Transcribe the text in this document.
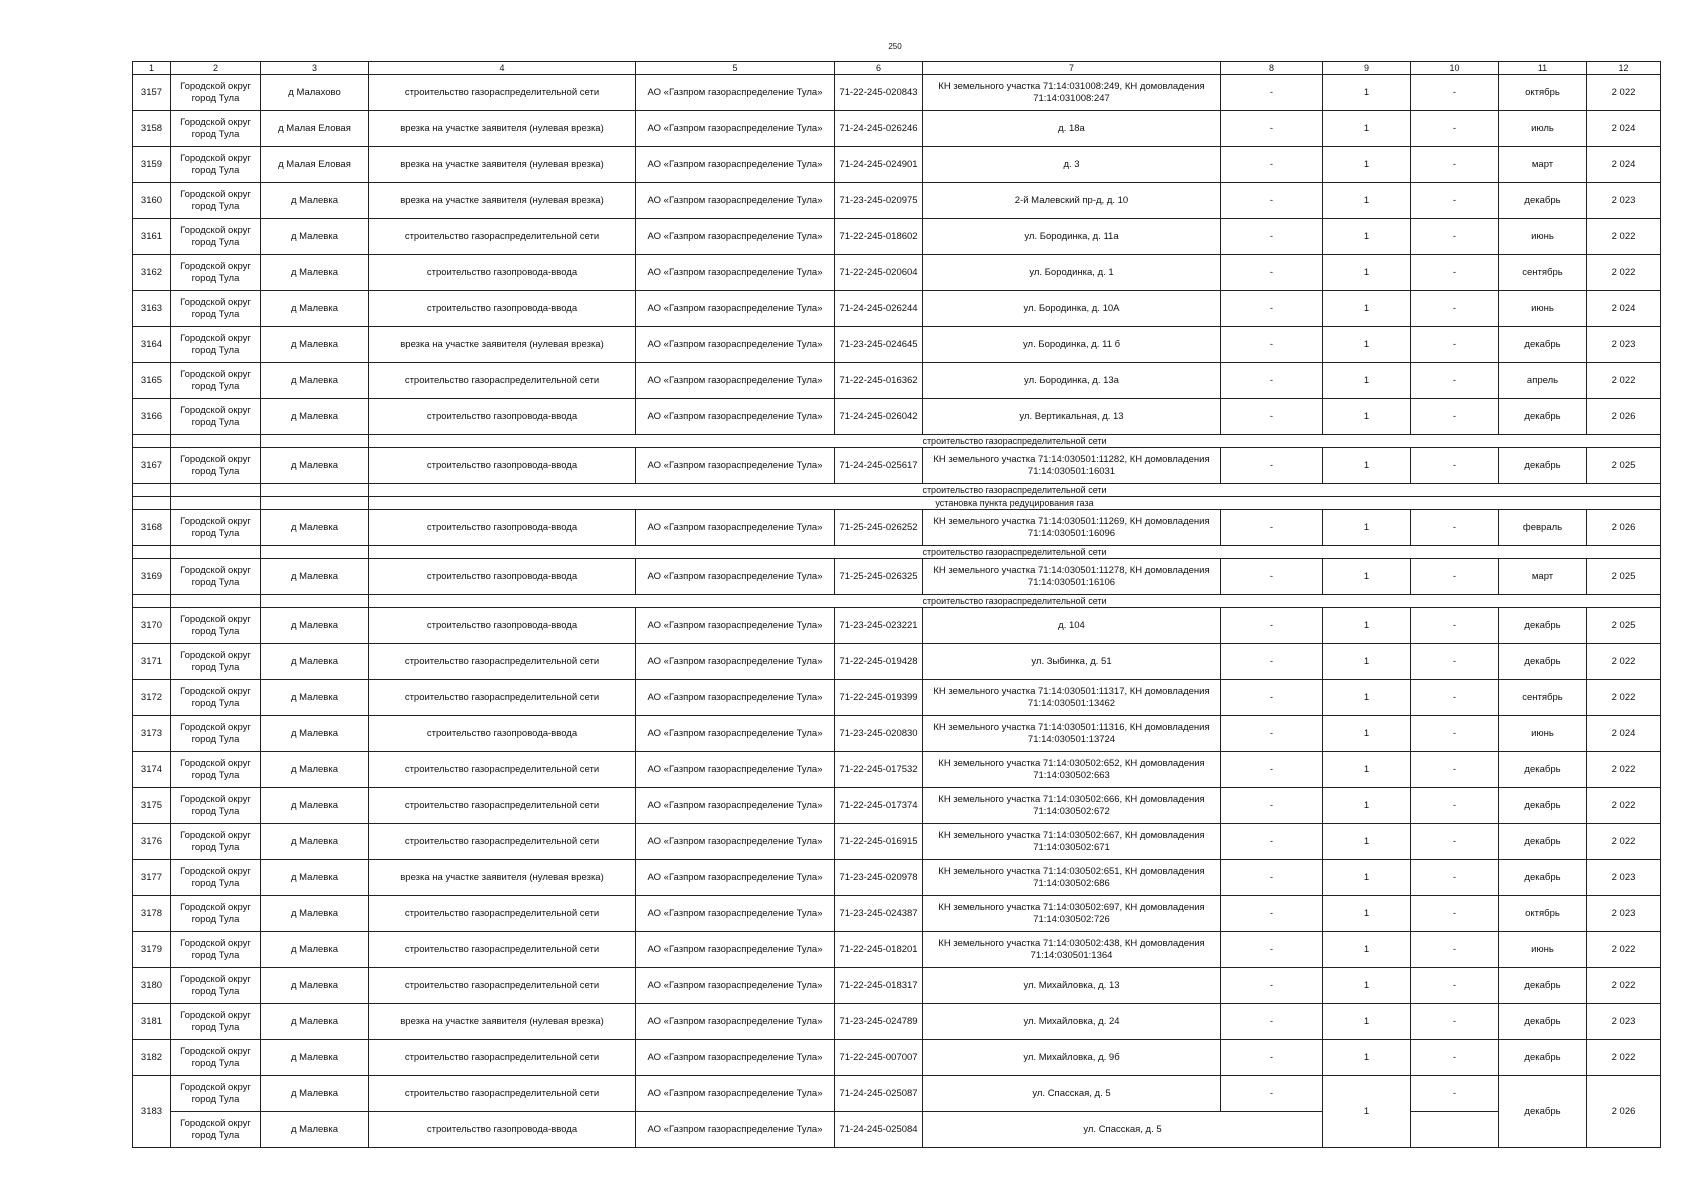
250
1	2	3	4	5	6	7	8	9	10	11	12
3157	Городской округ город Тула	д Малахово	строительство газораспределительной сети	АО «Газпром газораспределение Тула»	71-22-245-020843	КН земельного участка 71:14:031008:249, КН домовладения 71:14:031008:247	-	1	-	октябрь	2 022
3158	Городской округ город Тула	д Малая Еловая	врезка на участке заявителя (нулевая врезка)	АО «Газпром газораспределение Тула»	71-24-245-026246	д. 18а	-	1	-	июль	2 024
3159	Городской округ город Тула	д Малая Еловая	врезка на участке заявителя (нулевая врезка)	АО «Газпром газораспределение Тула»	71-24-245-024901	д. 3	-	1	-	март	2 024
3160	Городской округ город Тула	д Малевка	врезка на участке заявителя (нулевая врезка)	АО «Газпром газораспределение Тула»	71-23-245-020975	2-й Малевский пр-д, д. 10	-	1	-	декабрь	2 023
3161	Городской округ город Тула	д Малевка	строительство газораспределительной сети	АО «Газпром газораспределение Тула»	71-22-245-018602	ул. Бородинка, д. 11а	-	1	-	июнь	2 022
3162	Городской округ город Тула	д Малевка	строительство газопровода-ввода	АО «Газпром газораспределение Тула»	71-22-245-020604	ул. Бородинка, д. 1	-	1	-	сентябрь	2 022
3163	Городской округ город Тула	д Малевка	строительство газопровода-ввода	АО «Газпром газораспределение Тула»	71-24-245-026244	ул. Бородинка, д. 10А	-	1	-	июнь	2 024
3164	Городской округ город Тула	д Малевка	врезка на участке заявителя (нулевая врезка)	АО «Газпром газораспределение Тула»	71-23-245-024645	ул. Бородинка, д. 11 б	-	1	-	декабрь	2 023
3165	Городской округ город Тула	д Малевка	строительство газораспределительной сети	АО «Газпром газораспределение Тула»	71-22-245-016362	ул. Бородинка, д. 13а	-	1	-	апрель	2 022
3166	Городской округ город Тула	д Малевка	строительство газопровода-ввода	АО «Газпром газораспределение Тула»	71-24-245-026042	ул. Вертикальная, д. 13	-	1	-	декабрь	2 026
			строительство газораспределительной сети								
3167	Городской округ город Тула	д Малевка	строительство газопровода-ввода	АО «Газпром газораспределение Тула»	71-24-245-025617	КН земельного участка 71:14:030501:11282, КН домовладения 71:14:030501:16031	-	1	-	декабрь	2 025
			строительство газораспределительной сети								
			установка пункта редуцирования газа								
3168	Городской округ город Тула	д Малевка	строительство газопровода-ввода	АО «Газпром газораспределение Тула»	71-25-245-026252	КН земельного участка 71:14:030501:11269, КН домовладения 71:14:030501:16096	-	1	-	февраль	2 026
			строительство газораспределительной сети								
3169	Городской округ город Тула	д Малевка	строительство газопровода-ввода	АО «Газпром газораспределение Тула»	71-25-245-026325	КН земельного участка 71:14:030501:11278, КН домовладения 71:14:030501:16106	-	1	-	март	2 025
			строительство газораспределительной сети								
3170	Городской округ город Тула	д Малевка	строительство газопровода-ввода	АО «Газпром газораспределение Тула»	71-23-245-023221	д. 104	-	1	-	декабрь	2 025
3171	Городской округ город Тула	д Малевка	строительство газораспределительной сети	АО «Газпром газораспределение Тула»	71-22-245-019428	ул. Зыбинка, д. 51	-	1	-	декабрь	2 022
3172	Городской округ город Тула	д Малевка	строительство газораспределительной сети	АО «Газпром газораспределение Тула»	71-22-245-019399	КН земельного участка 71:14:030501:11317, КН домовладения 71:14:030501:13462	-	1	-	сентябрь	2 022
3173	Городской округ город Тула	д Малевка	строительство газопровода-ввода	АО «Газпром газораспределение Тула»	71-23-245-020830	КН земельного участка 71:14:030501:11316, КН домовладения 71:14:030501:13724	-	1	-	июнь	2 024
3174	Городской округ город Тула	д Малевка	строительство газораспределительной сети	АО «Газпром газораспределение Тула»	71-22-245-017532	КН земельного участка 71:14:030502:652, КН домовладения 71:14:030502:663	-	1	-	декабрь	2 022
3175	Городской округ город Тула	д Малевка	строительство газораспределительной сети	АО «Газпром газораспределение Тула»	71-22-245-017374	КН земельного участка 71:14:030502:666, КН домовладения 71:14:030502:672	-	1	-	декабрь	2 022
3176	Городской округ город Тула	д Малевка	строительство газораспределительной сети	АО «Газпром газораспределение Тула»	71-22-245-016915	КН земельного участка 71:14:030502:667, КН домовладения 71:14:030502:671	-	1	-	декабрь	2 022
3177	Городской округ город Тула	д Малевка	врезка на участке заявителя (нулевая врезка)	АО «Газпром газораспределение Тула»	71-23-245-020978	КН земельного участка 71:14:030502:651, КН домовладения 71:14:030502:686	-	1	-	декабрь	2 023
3178	Городской округ город Тула	д Малевка	строительство газораспределительной сети	АО «Газпром газораспределение Тула»	71-23-245-024387	КН земельного участка 71:14:030502:697, КН домовладения 71:14:030502:726	-	1	-	октябрь	2 023
3179	Городской округ город Тула	д Малевка	строительство газораспределительной сети	АО «Газпром газораспределение Тула»	71-22-245-018201	КН земельного участка 71:14:030502:438, КН домовладения 71:14:030501:1364	-	1	-	июнь	2 022
3180	Городской округ город Тула	д Малевка	строительство газораспределительной сети	АО «Газпром газораспределение Тула»	71-22-245-018317	ул. Михайловка, д. 13	-	1	-	декабрь	2 022
3181	Городской округ город Тула	д Малевка	врезка на участке заявителя (нулевая врезка)	АО «Газпром газораспределение Тула»	71-23-245-024789	ул. Михайловка, д. 24	-	1	-	декабрь	2 023
3182	Городской округ город Тула	д Малевка	строительство газораспределительной сети	АО «Газпром газораспределение Тула»	71-22-245-007007	ул. Михайловка, д. 9б	-	1	-	декабрь	2 022
3183	Городской округ город Тула	д Малевка	строительство газораспределительной сети	АО «Газпром газораспределение Тула»	71-24-245-025087	ул. Спасская, д. 5	-	1	-	декабрь	2 026
	Городской округ город Тула	д Малевка	строительство газопровода-ввода	АО «Газпром газораспределение Тула»	71-24-245-025084	ул. Спасская, д. 5					
